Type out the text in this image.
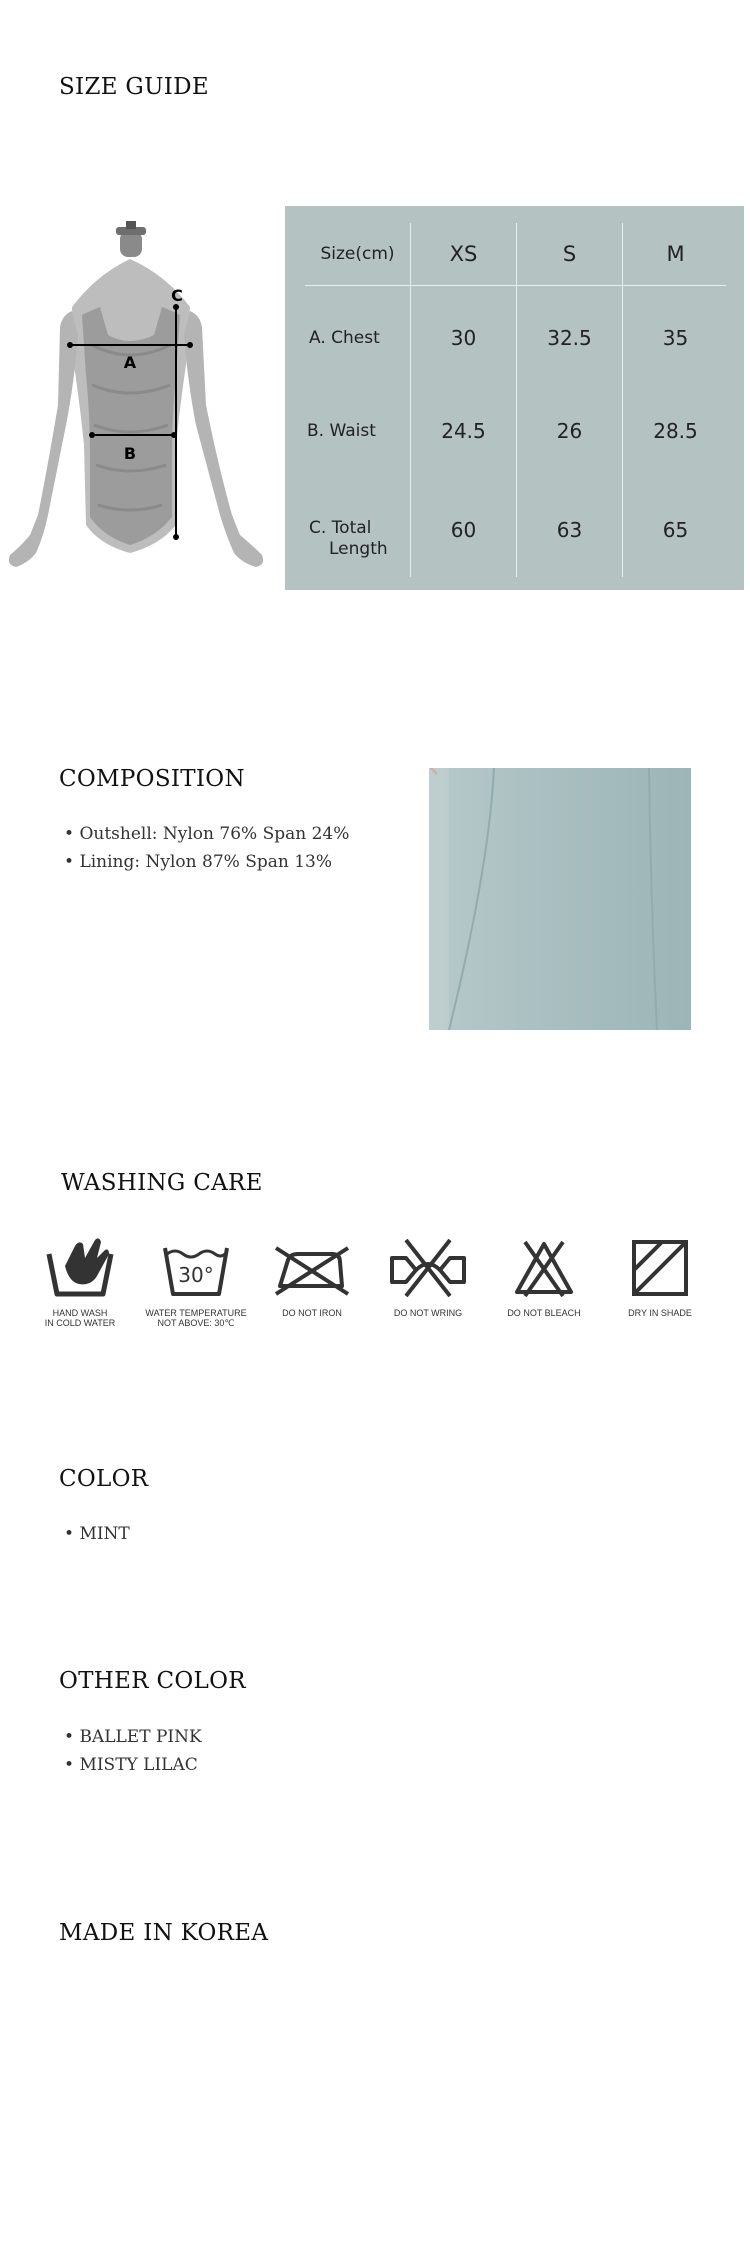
SIZE GUIDE
A
B
C
Size(cm)	XS	S	M
A. Chest	30	32.5	35
B. Waist	24.5	26	28.5
C. Total
Length
60	63	65
COMPOSITION

• Outshell: Nylon 76% Span 24%

• Lining: Nylon 87% Span 13%

WASHING CARE
HAND WASH
IN COLD WATER
30°
WATER TEMPERATURE
NOT ABOVE: 30℃
DO NOT IRON	DO NOT WRING	DO NOT BLEACH	DRY IN SHADE
COLOR

• MINT

OTHER COLOR

• BALLET PINK

• MISTY LILAC

MADE IN KOREA
